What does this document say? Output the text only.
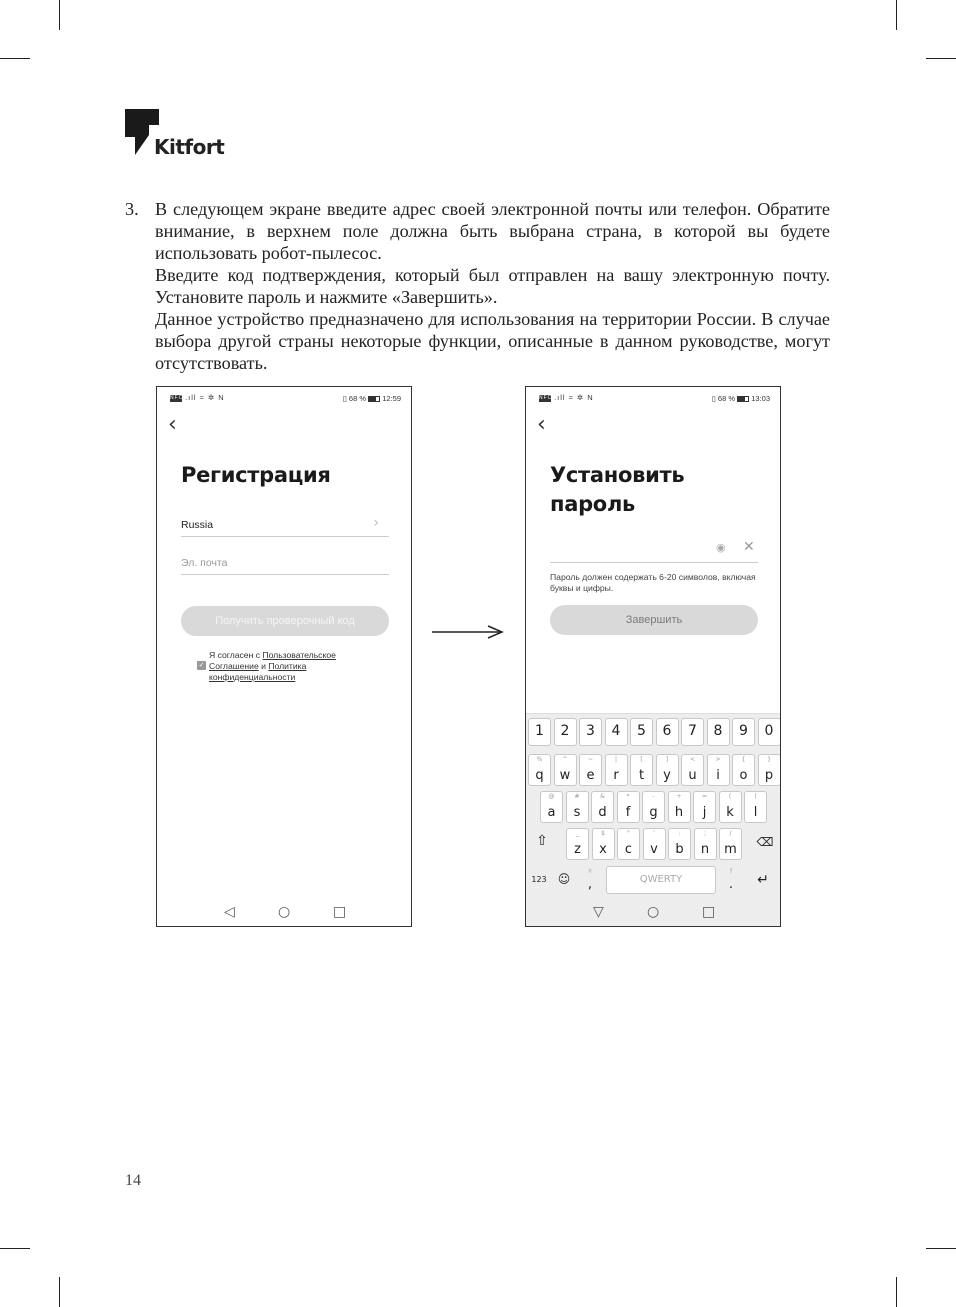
Kitfort
3. В следующем экране введите адрес своей электронной почты или телефон. Обратите внимание, в верхнем поле должна быть выбрана страна, в которой вы будете использовать робот-пылесос.

Введите код подтверждения, который был отправлен на вашу электронную почту. Установите пароль и нажмите «Завершить».

Данное устройство предназначено для использования на территории России. В случае выбора другой страны некоторые функции, описанные в данном руководстве, могут отсутствовать.

NFC .ıll ≈ ✲ N	▯ 68 % 12:59
‹
Регистрация
Russia	›
Эл. почта
Получить проверочный код
✓
Я согласен с Пользовательское Соглашение и Политика конфиденциальности
◁	○	□
NFC .ıll ≈ ✲ N	▯ 68 % 13:03
‹
Установить
пароль
◉ ✕
Пароль должен содержать 6-20 символов, включая буквы и цифры.
Завершить
1	2	3	4	5	6	7	8	9	0
%
q
^
w
~
e
|
r
[
t
]
y
<
u
>
i
{
o
}
p
@
a
#
s
&
d
*
f
-
g
+
h
=
j
(
k
)
l
_
z
$
x
"
c
'
v
:
b
;
n
/
m
⇧	⌫
123 ☺
☼
,	QWERTY
?
.	↵
▽	○	□
14
